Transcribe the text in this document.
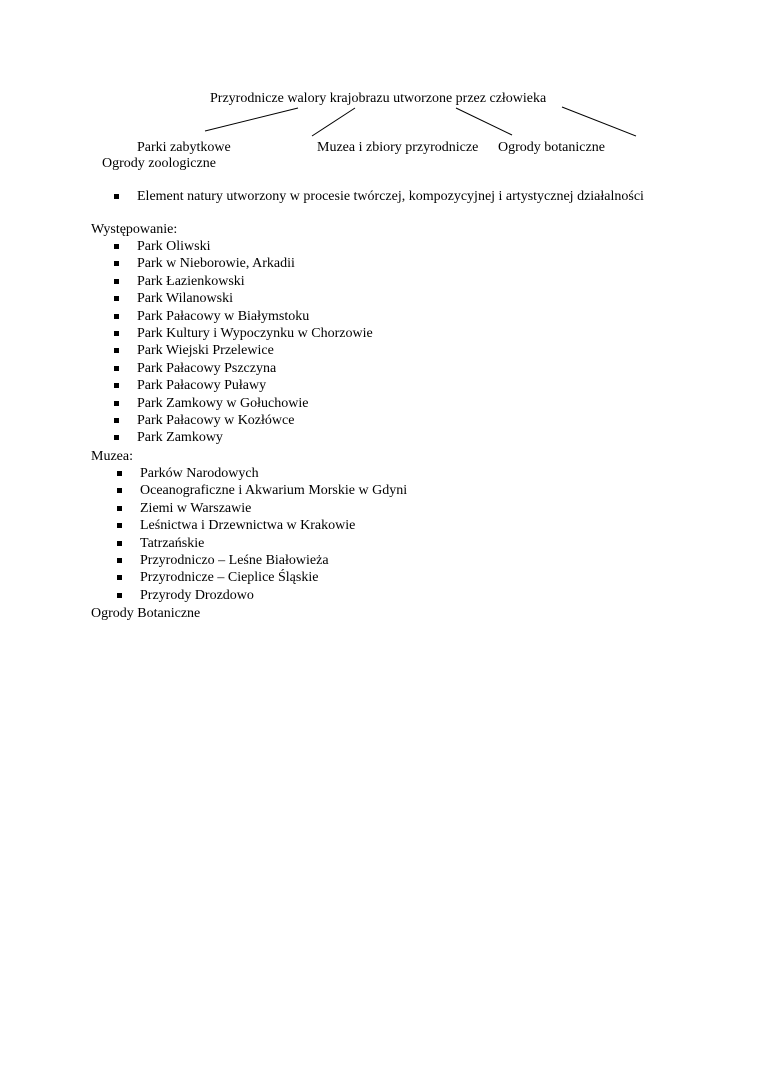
Przyrodnicze walory krajobrazu utworzone przez człowieka
Parki zabytkowe
Ogrody zoologiczne
Muzea i zbiory przyrodnicze Ogrody botaniczne
Element natury utworzony w procesie twórczej, kompozycyjnej i artystycznej działalności
Występowanie:
Park Oliwski
Park w Nieborowie, Arkadii
Park Łazienkowski
Park Wilanowski
Park Pałacowy w Białymstoku
Park Kultury i Wypoczynku w Chorzowie
Park Wiejski Przelewice
Park Pałacowy Pszczyna
Park Pałacowy Puławy
Park Zamkowy w Gołuchowie
Park Pałacowy w Kozłówce
Park Zamkowy
Muzea:
Parków Narodowych
Oceanograficzne i Akwarium Morskie w Gdyni
Ziemi w Warszawie
Leśnictwa i Drzewnictwa w Krakowie
Tatrzańskie
Przyrodniczo – Leśne Białowieża
Przyrodnicze – Cieplice Śląskie
Przyrody Drozdowo
Ogrody Botaniczne
